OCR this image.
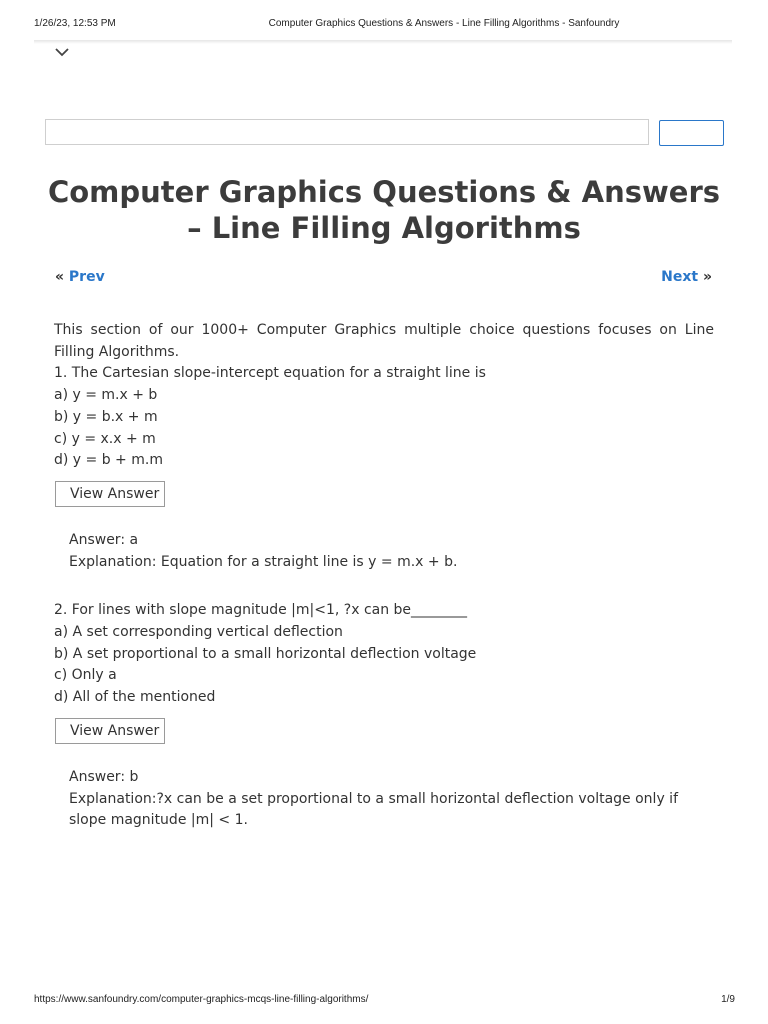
1/26/23, 12:53 PM	Computer Graphics Questions & Answers - Line Filling Algorithms - Sanfoundry
Computer Graphics Questions & Answers – Line Filling Algorithms
« Prev	Next »

This section of our 1000+ Computer Graphics multiple choice questions focuses on Line Filling Algorithms.

1. The Cartesian slope-intercept equation for a straight line is

a) y = m.x + b

b) y = b.x + m

c) y = x.x + m

d) y = b + m.m

View Answer

Answer: a

Explanation: Equation for a straight line is y = m.x + b.

2. For lines with slope magnitude |m|<1, ?x can be________

a) A set corresponding vertical deflection

b) A set proportional to a small horizontal deflection voltage

c) Only a

d) All of the mentioned

View Answer

Answer: b

Explanation:?x can be a set proportional to a small horizontal deflection voltage only if slope magnitude |m| < 1.

https://www.sanfoundry.com/computer-graphics-mcqs-line-filling-algorithms/	1/9
